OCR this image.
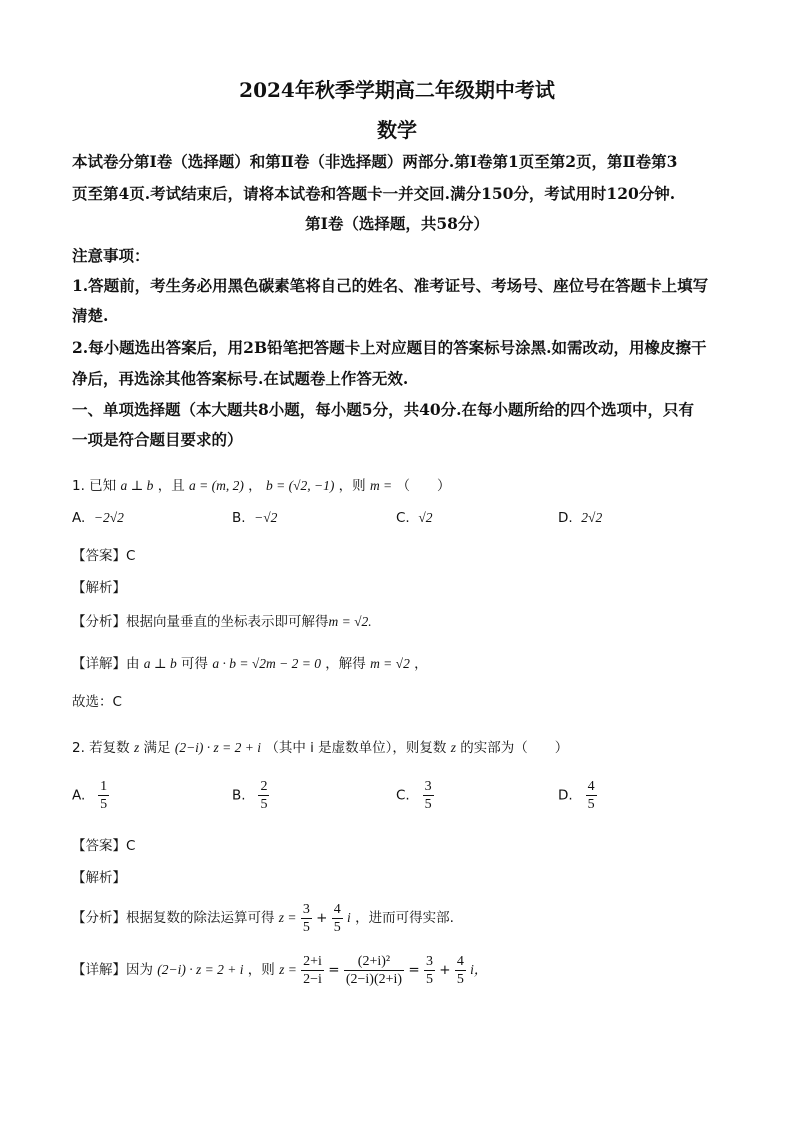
2024年秋季学期高二年级期中考试
数学
本试卷分第Ⅰ卷（选择题）和第Ⅱ卷（非选择题）两部分.第Ⅰ卷第1页至第2页，第Ⅱ卷第3
页至第4页.考试结束后，请将本试卷和答题卡一并交回.满分150分，考试用时120分钟.
第Ⅰ卷（选择题，共58分）
注意事项：
1.答题前，考生务必用黑色碳素笔将自己的姓名、准考证号、考场号、座位号在答题卡上填写
清楚.
2.每小题选出答案后，用2B铅笔把答题卡上对应题目的答案标号涂黑.如需改动，用橡皮擦干
净后，再选涂其他答案标号.在试题卷上作答无效.
一、单项选择题（本大题共8小题，每小题5分，共40分.在每小题所给的四个选项中，只有
一项是符合题目要求的）
1. 已知 a ⊥ b ，且 a = (m, 2) ， b = (√2, −1) ，则 m = （　　）
A. −2√2	B. −√2	C. √2	D. 2√2
【答案】C
【解析】
【分析】根据向量垂直的坐标表示即可解得m = √2.
【详解】由 a ⊥ b 可得 a · b = √2m − 2 = 0 ，解得 m = √2 ，
故选：C
2. 若复数 z 满足 (2−i) · z = 2 + i （其中 i 是虚数单位），则复数 z 的实部为（　　）
A. $\frac{1}{5}$	B. $\frac{2}{5}$	C. $\frac{3}{5}$	D. $\frac{4}{5}$
【答案】C
【解析】
【分析】根据复数的除法运算可得 $z = \frac{3}{5} + \frac{4}{5}$ i ，进而可得实部.
【详解】因为 (2−i) · z = 2 + i ，则 $z = \frac{2+i}{2-i} = \frac{\text{(2+i)²}}{(2-i)(2+i)} = \frac{3}{5} + \frac{4}{5}$ i，
